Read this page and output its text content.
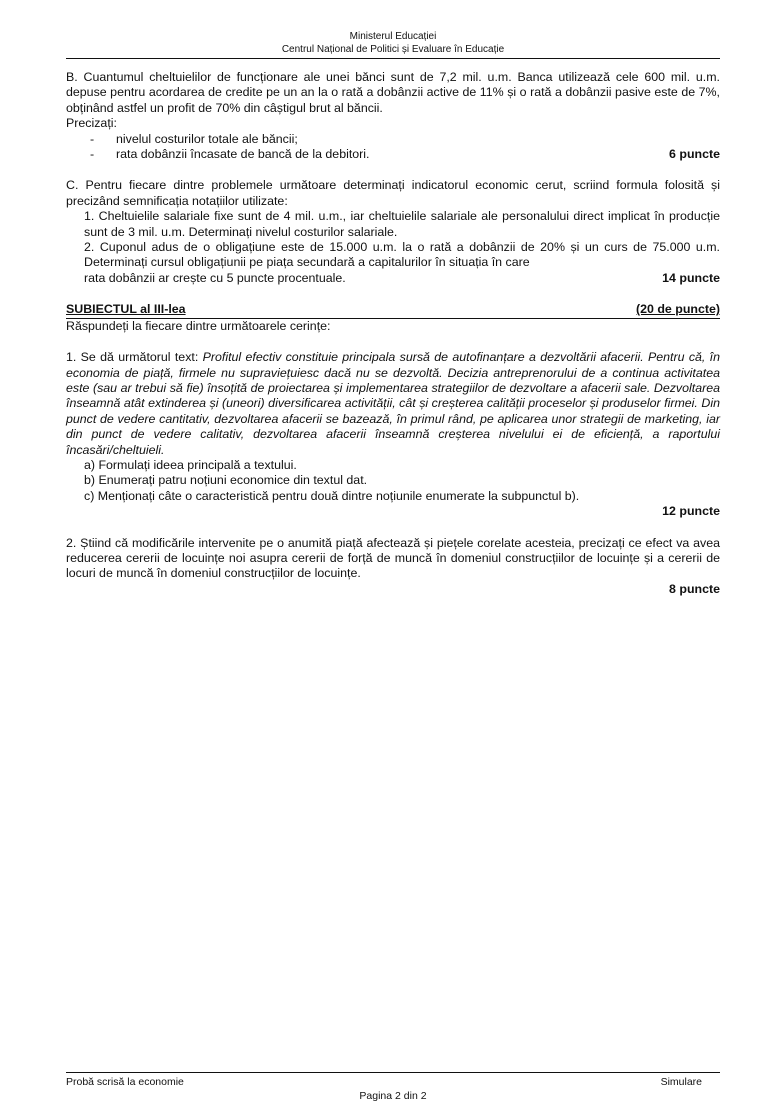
Ministerul Educației
Centrul Național de Politici și Evaluare în Educație

B. Cuantumul cheltuielilor de funcționare ale unei bănci sunt de 7,2 mil. u.m. Banca utilizează cele 600 mil. u.m. depuse pentru acordarea de credite pe un an la o rată a dobânzii active de 11% și o rată a dobânzii pasive este de 7%, obținând astfel un profit de 70% din câștigul brut al băncii.

Precizați:
- nivelul costurilor totale ale băncii;
- rata dobânzii încasate de bancă de la debitori.	6 puncte

C. Pentru fiecare dintre problemele următoare determinați indicatorul economic cerut, scriind formula folosită și precizând semnificația notațiilor utilizate:

1. Cheltuielile salariale fixe sunt de 4 mil. u.m., iar cheltuielile salariale ale personalului direct implicat în producție sunt de 3 mil. u.m. Determinați nivelul costurilor salariale.
2. Cuponul adus de o obligațiune este de 15.000 u.m. la o rată a dobânzii de 20% și un curs de 75.000 u.m. Determinați cursul obligațiunii pe piața secundară a capitalurilor în situația în care
rata dobânzii ar crește cu 5 puncte procentuale.	14 puncte
SUBIECTUL al III-lea	(20 de puncte)
Răspundeți la fiecare dintre următoarele cerințe:

1. Se dă următorul text: Profitul efectiv constituie principala sursă de autofinanțare a dezvoltării afacerii. Pentru că, în economia de piață, firmele nu supraviețuiesc dacă nu se dezvoltă. Decizia antreprenorului de a continua activitatea este (sau ar trebui să fie) însoțită de proiectarea și implementarea strategiilor de dezvoltare a afacerii sale. Dezvoltarea înseamnă atât extinderea și (uneori) diversificarea activității, cât și creșterea calității proceselor și produselor firmei. Din punct de vedere cantitativ, dezvoltarea afacerii se bazează, în primul rând, pe aplicarea unor strategii de marketing, iar din punct de vedere calitativ, dezvoltarea afacerii înseamnă creșterea nivelului ei de eficiență, a raportului încasări/cheltuieli.

a) Formulați ideea principală a textului.
b) Enumerați patru noțiuni economice din textul dat.
c) Menționați câte o caracteristică pentru două dintre noțiunile enumerate la subpunctul b).
12 puncte

2. Știind că modificările intervenite pe o anumită piață afectează și piețele corelate acesteia, precizați ce efect va avea reducerea cererii de locuințe noi asupra cererii de forță de muncă în domeniul construcțiilor de locuințe și a cererii de locuri de muncă în domeniul construcțiilor de locuințe.

8 puncte
Probă scrisă la economie	Simulare
Pagina 2 din 2
